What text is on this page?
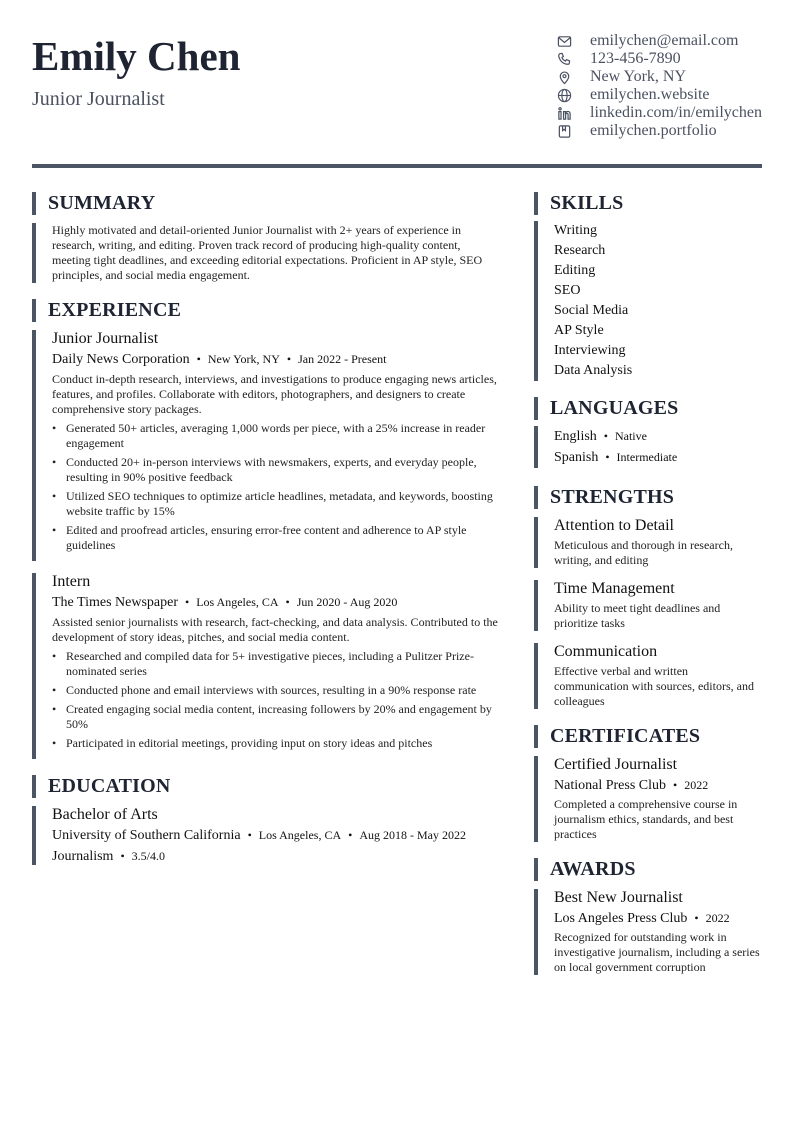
Emily Chen
Junior Journalist
emilychen@email.com
123-456-7890
New York, NY
emilychen.website
linkedin.com/in/emilychen
emilychen.portfolio
SUMMARY
Highly motivated and detail-oriented Junior Journalist with 2+ years of experience in research, writing, and editing. Proven track record of producing high-quality content, meeting tight deadlines, and exceeding editorial expectations. Proficient in AP style, SEO principles, and social media engagement.
EXPERIENCE
Junior Journalist
Daily News Corporation • New York, NY • Jan 2022 - Present
Conduct in-depth research, interviews, and investigations to produce engaging news articles, features, and profiles. Collaborate with editors, photographers, and designers to create comprehensive story packages.
• Generated 50+ articles, averaging 1,000 words per piece, with a 25% increase in reader engagement
• Conducted 20+ in-person interviews with newsmakers, experts, and everyday people, resulting in 90% positive feedback
• Utilized SEO techniques to optimize article headlines, metadata, and keywords, boosting website traffic by 15%
• Edited and proofread articles, ensuring error-free content and adherence to AP style guidelines
Intern
The Times Newspaper • Los Angeles, CA • Jun 2020 - Aug 2020
Assisted senior journalists with research, fact-checking, and data analysis. Contributed to the development of story ideas, pitches, and social media content.
• Researched and compiled data for 5+ investigative pieces, including a Pulitzer Prize-nominated series
• Conducted phone and email interviews with sources, resulting in a 90% response rate
• Created engaging social media content, increasing followers by 20% and engagement by 50%
• Participated in editorial meetings, providing input on story ideas and pitches
EDUCATION
Bachelor of Arts
University of Southern California • Los Angeles, CA • Aug 2018 - May 2022
Journalism • 3.5/4.0
SKILLS
Writing
Research
Editing
SEO
Social Media
AP Style
Interviewing
Data Analysis
LANGUAGES
English • Native
Spanish • Intermediate
STRENGTHS
Attention to Detail
Meticulous and thorough in research, writing, and editing
Time Management
Ability to meet tight deadlines and prioritize tasks
Communication
Effective verbal and written communication with sources, editors, and colleagues
CERTIFICATES
Certified Journalist
National Press Club • 2022
Completed a comprehensive course in journalism ethics, standards, and best practices
AWARDS
Best New Journalist
Los Angeles Press Club • 2022
Recognized for outstanding work in investigative journalism, including a series on local government corruption
